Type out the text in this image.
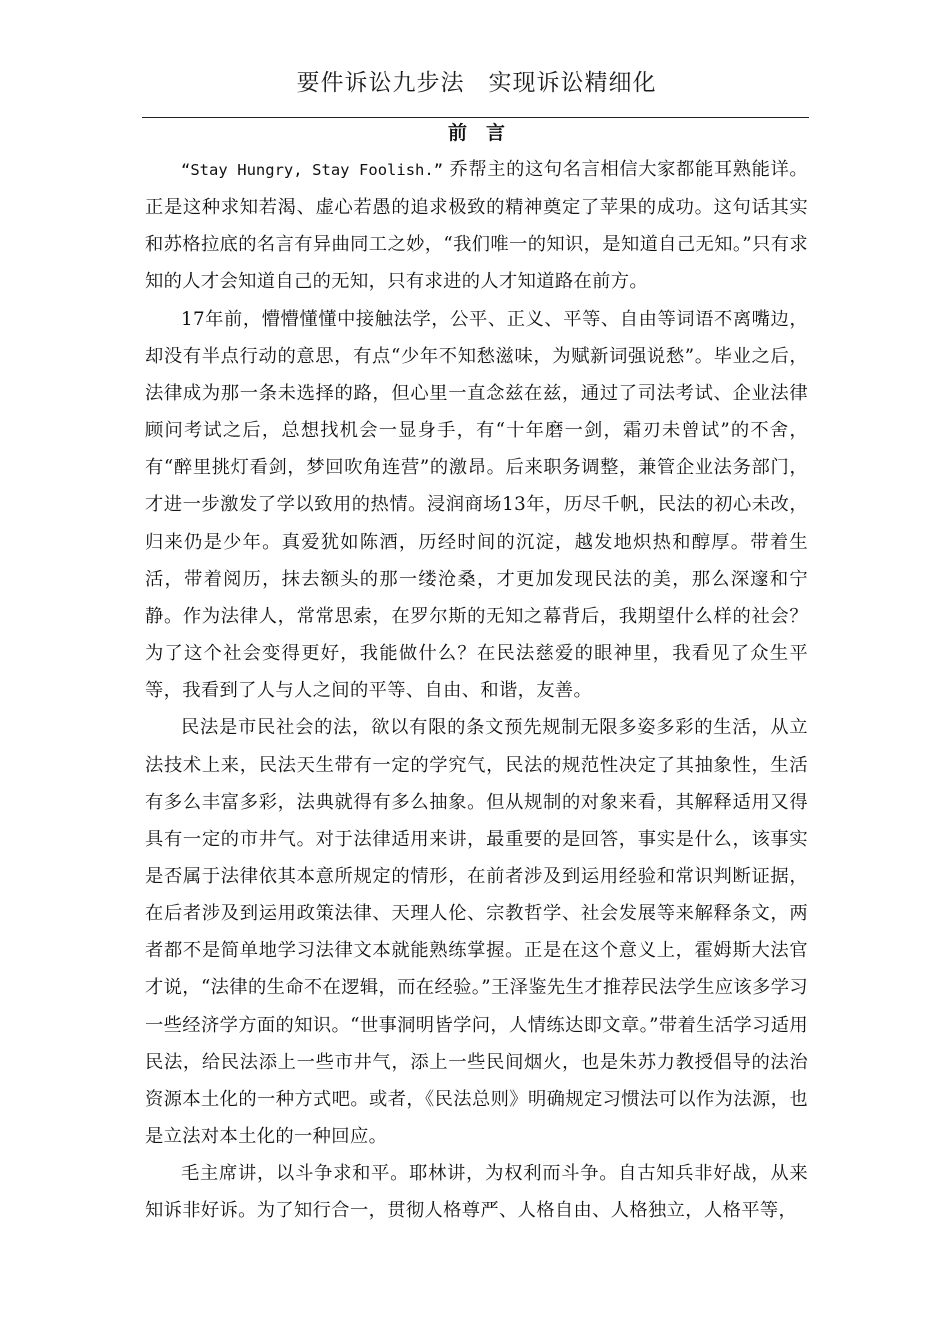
要件诉讼九步法　实现诉讼精细化
前　言

“Stay Hungry, Stay Foolish.” 乔帮主的这句名言相信大家都能耳熟能详。正是这种求知若渴、虚心若愚的追求极致的精神奠定了苹果的成功。这句话其实和苏格拉底的名言有异曲同工之妙，“我们唯一的知识，是知道自己无知。”只有求知的人才会知道自己的无知，只有求进的人才知道路在前方。

17年前，懵懵懂懂中接触法学，公平、正义、平等、自由等词语不离嘴边，却没有半点行动的意思，有点“少年不知愁滋味，为赋新词强说愁”。毕业之后，法律成为那一条未选择的路，但心里一直念兹在兹，通过了司法考试、企业法律顾问考试之后，总想找机会一显身手，有“十年磨一剑，霜刃未曾试”的不舍，有“醉里挑灯看剑，梦回吹角连营”的激昂。后来职务调整，兼管企业法务部门，才进一步激发了学以致用的热情。浸润商场13年，历尽千帆，民法的初心未改，归来仍是少年。真爱犹如陈酒，历经时间的沉淀，越发地炽热和醇厚。带着生活，带着阅历，抹去额头的那一缕沧桑，才更加发现民法的美，那么深邃和宁静。作为法律人，常常思索，在罗尔斯的无知之幕背后，我期望什么样的社会？为了这个社会变得更好，我能做什么？在民法慈爱的眼神里，我看见了众生平等，我看到了人与人之间的平等、自由、和谐，友善。

民法是市民社会的法，欲以有限的条文预先规制无限多姿多彩的生活，从立法技术上来，民法天生带有一定的学究气，民法的规范性决定了其抽象性，生活有多么丰富多彩，法典就得有多么抽象。但从规制的对象来看，其解释适用又得具有一定的市井气。对于法律适用来讲，最重要的是回答，事实是什么，该事实是否属于法律依其本意所规定的情形，在前者涉及到运用经验和常识判断证据，在后者涉及到运用政策法律、天理人伦、宗教哲学、社会发展等来解释条文，两者都不是简单地学习法律文本就能熟练掌握。正是在这个意义上，霍姆斯大法官才说，“法律的生命不在逻辑，而在经验。”王泽鉴先生才推荐民法学生应该多学习一些经济学方面的知识。“世事洞明皆学问，人情练达即文章。”带着生活学习适用民法，给民法添上一些市井气，添上一些民间烟火，也是朱苏力教授倡导的法治资源本土化的一种方式吧。或者，《民法总则》明确规定习惯法可以作为法源，也是立法对本土化的一种回应。

毛主席讲，以斗争求和平。耶林讲，为权利而斗争。自古知兵非好战，从来知诉非好诉。为了知行合一，贯彻人格尊严、人格自由、人格独立，人格平等，
